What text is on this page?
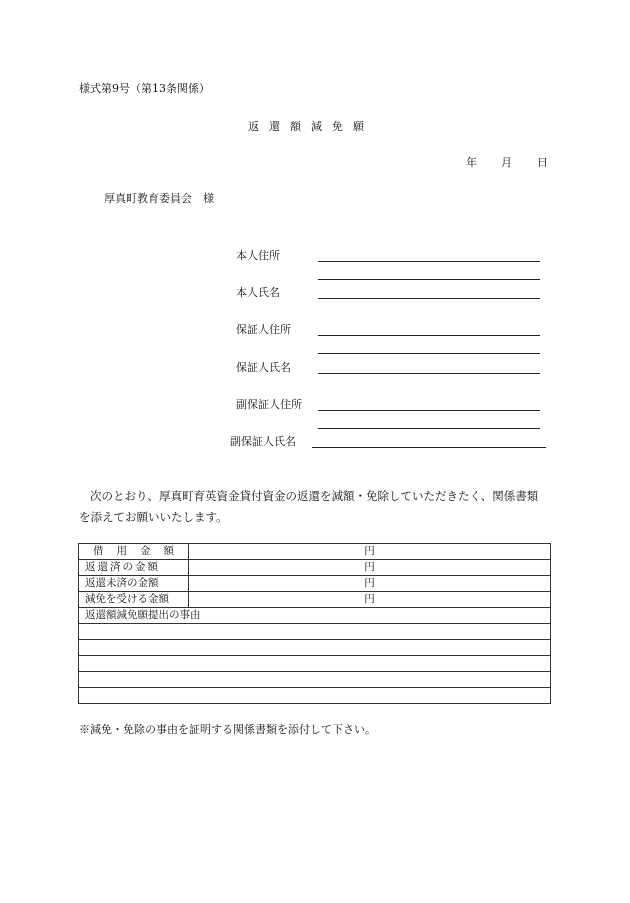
様式第9号（第13条関係）
返還額減免願
年 月 日
厚真町教育委員会　様
本人住所
本人氏名
保証人住所
保証人氏名
副保証人住所
副保証人氏名
次のとおり、厚真町育英資金貸付資金の返還を減額・免除していただきたく、関係書類
を添えてお願いいたします。
借 用 金 額	円
返還済の金額	円
返還未済の金額	円
減免を受ける金額	円
返還額減免願提出の事由	

※減免・免除の事由を証明する関係書類を添付して下さい。
